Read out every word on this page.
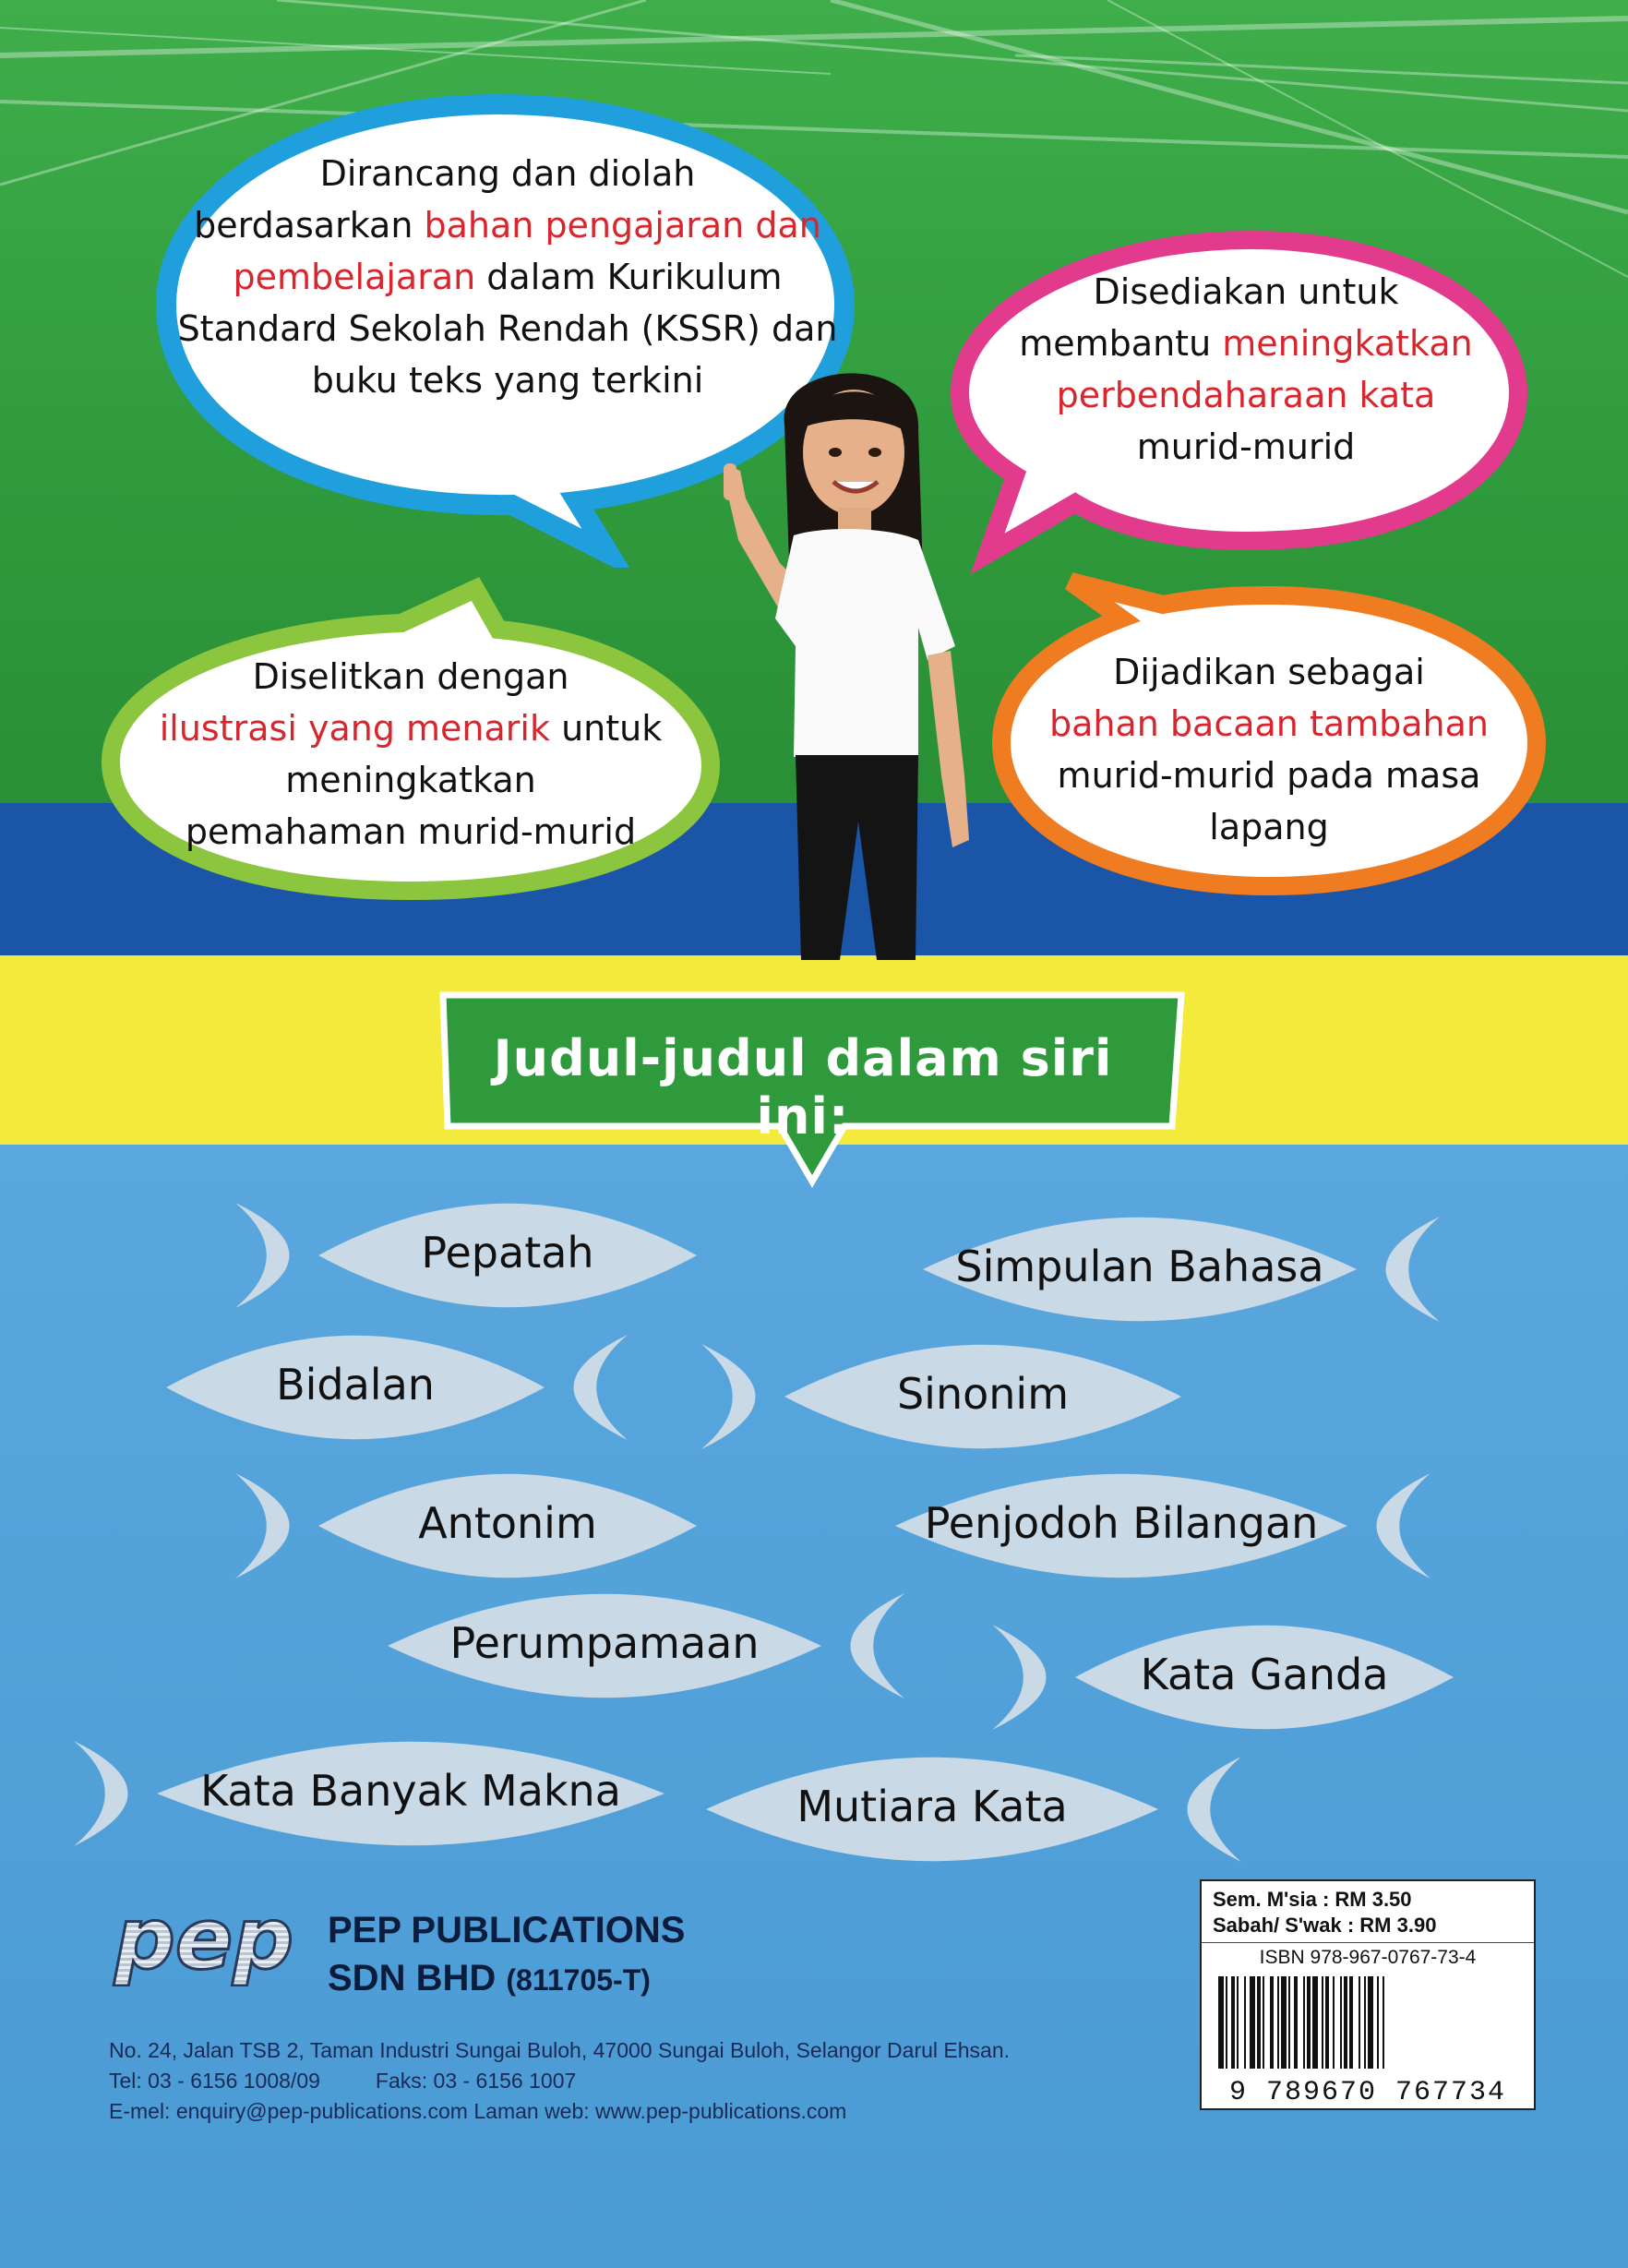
Dirancang dan diolah
berdasarkan bahan pengajaran dan
pembelajaran dalam Kurikulum
Standard Sekolah Rendah (KSSR) dan
buku teks yang terkini
Disediakan untuk
membantu meningkatkan
perbendaharaan kata
murid-murid
Diselitkan dengan
ilustrasi yang menarik untuk
meningkatkan
pemahaman murid-murid
Dijadikan sebagai
bahan bacaan tambahan
murid-murid pada masa
lapang
Judul-judul dalam siri ini:
Pepatah	Simpulan Bahasa
Bidalan	Sinonim
Antonim	Penjodoh Bilangan
Perumpamaan
Kata Ganda
Kata Banyak Makna	Mutiara Kata
pep PEP PUBLICATIONS
SDN BHD (811705-T)
No. 24, Jalan TSB 2, Taman Industri Sungai Buloh, 47000 Sungai Buloh, Selangor Darul Ehsan.
Tel: 03 - 6156 1008/09	Faks: 03 - 6156 1007
E-mel: enquiry@pep-publications.com Laman web: www.pep-publications.com
Sem. M'sia : RM 3.50
Sabah/ S'wak : RM 3.90
ISBN 978-967-0767-73-4
9 789670 767734
